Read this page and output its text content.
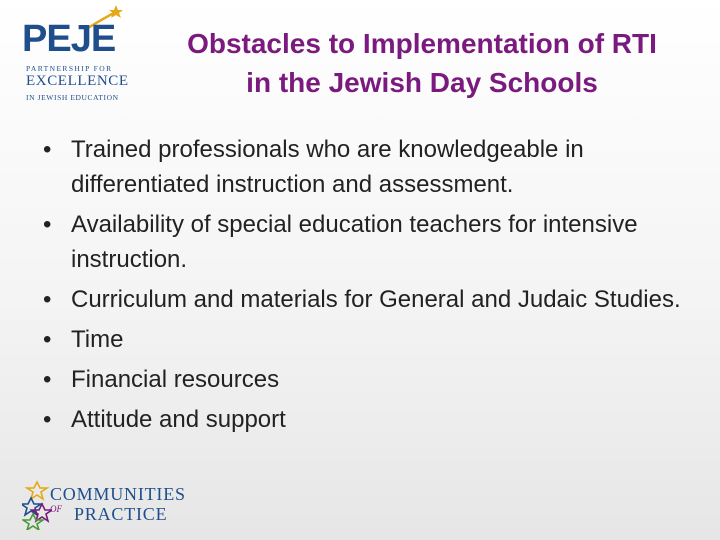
PEJE
PARTNERSHIP FOR
EXCELLENCE
IN JEWISH EDUCATION
Obstacles to Implementation of RTI
in the Jewish Day Schools
• Trained professionals who are knowledgeable in differentiated instruction and assessment.
• Availability of special education teachers for intensive instruction.
• Curriculum and materials for General and Judaic Studies.
• Time
• Financial resources
• Attitude and support
COMMUNITIES
OF PRACTICE
